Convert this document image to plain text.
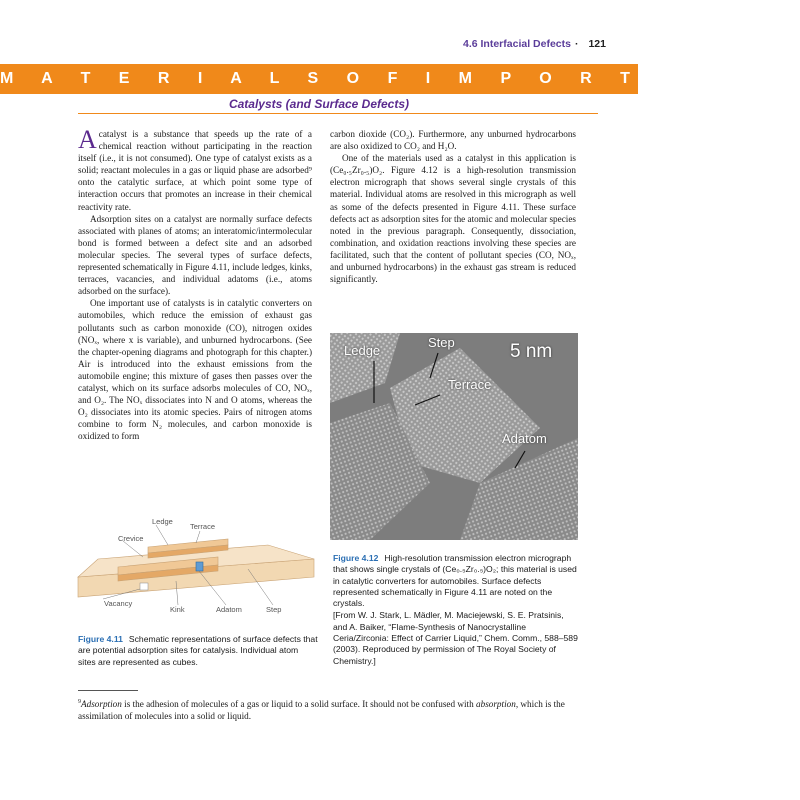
4.6 Interfacial Defects · 121
M A T E R I A L S O F I M P O R T A N C E
Catalysts (and Surface Defects)

A catalyst is a substance that speeds up the rate of a chemical reaction without participating in the reaction itself (i.e., it is not consumed). One type of catalyst exists as a solid; reactant molecules in a gas or liquid phase are adsorbed⁹ onto the catalytic surface, at which point some type of interaction occurs that promotes an increase in their chemical reactivity rate.

Adsorption sites on a catalyst are normally surface defects associated with planes of atoms; an interatomic/intermolecular bond is formed between a defect site and an adsorbed molecular species. The several types of surface defects, represented schematically in Figure 4.11, include ledges, kinks, terraces, vacancies, and individual adatoms (i.e., atoms adsorbed on the surface).

One important use of catalysts is in catalytic converters on automobiles, which reduce the emission of exhaust gas pollutants such as carbon monoxide (CO), nitrogen oxides (NOₓ, where x is variable), and unburned hydrocarbons. (See the chapter-opening diagrams and photograph for this chapter.) Air is introduced into the exhaust emissions from the automobile engine; this mixture of gases then passes over the catalyst, which on its surface adsorbs molecules of CO, NOₓ, and O₂. The NOₓ dissociates into N and O atoms, whereas the O₂ dissociates into its atomic species. Pairs of nitrogen atoms combine to form N₂ molecules, and carbon monoxide is oxidized to form

carbon dioxide (CO₂). Furthermore, any unburned hydrocarbons are also oxidized to CO₂ and H₂O.

One of the materials used as a catalyst in this application is (Ce₀.₅Zr₀.₅)O₂. Figure 4.12 is a high-resolution transmission electron micrograph that shows several single crystals of this material. Individual atoms are resolved in this micrograph as well as some of the defects presented in Figure 4.11. These surface defects act as adsorption sites for the atomic and molecular species noted in the previous paragraph. Consequently, dissociation, combination, and oxidation reactions involving these species are facilitated, such that the content of pollutant species (CO, NOₓ, and unburned hydrocarbons) in the exhaust gas stream is reduced significantly.

Ledge
Step	5 nm
Terrace
Adatom
Ledge
Terrace
Crevice
Vacancy
Kink	Adatom	Step
Figure 4.11 Schematic representations of surface defects that are potential adsorption sites for catalysis. Individual atom sites are represented as cubes.
Figure 4.12 High-resolution transmission electron micrograph that shows single crystals of (Ce₀.₅Zr₀.₅)O₂; this material is used in catalytic converters for automobiles. Surface defects represented schematically in Figure 4.11 are noted on the crystals.
[From W. J. Stark, L. Mädler, M. Maciejewski, S. E. Pratsinis, and A. Baiker, “Flame-Synthesis of Nanocrystalline Ceria/Zirconia: Effect of Carrier Liquid,” Chem. Comm., 588–589 (2003). Reproduced by permission of The Royal Society of Chemistry.]
$^9$Adsorption is the adhesion of molecules of a gas or liquid to a solid surface. It should not be confused with absorption, which is the assimilation of molecules into a solid or liquid.
